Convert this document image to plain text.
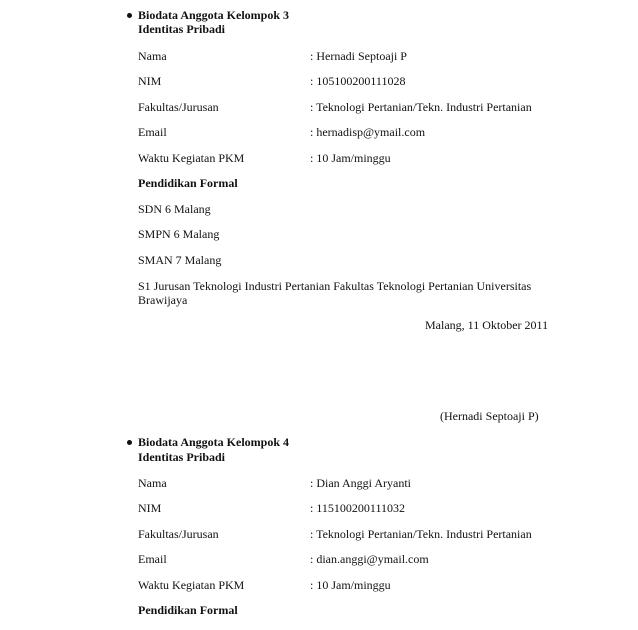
Biodata Anggota Kelompok 3
Identitas Pribadi
Nama	: Hernadi Septoaji P
NIM	: 105100200111028
Fakultas/Jurusan	: Teknologi Pertanian/Tekn. Industri Pertanian
Email	: hernadisp@ymail.com
Waktu Kegiatan PKM	: 10 Jam/minggu
Pendidikan Formal
SDN 6 Malang
SMPN 6 Malang
SMAN 7 Malang
S1 Jurusan Teknologi Industri Pertanian Fakultas Teknologi Pertanian Universitas Brawijaya
Malang, 11 Oktober 2011
(Hernadi Septoaji P)
Biodata Anggota Kelompok 4
Identitas Pribadi
Nama	: Dian Anggi Aryanti
NIM	: 115100200111032
Fakultas/Jurusan	: Teknologi Pertanian/Tekn. Industri Pertanian
Email	: dian.anggi@ymail.com
Waktu Kegiatan PKM	: 10 Jam/minggu
Pendidikan Formal
